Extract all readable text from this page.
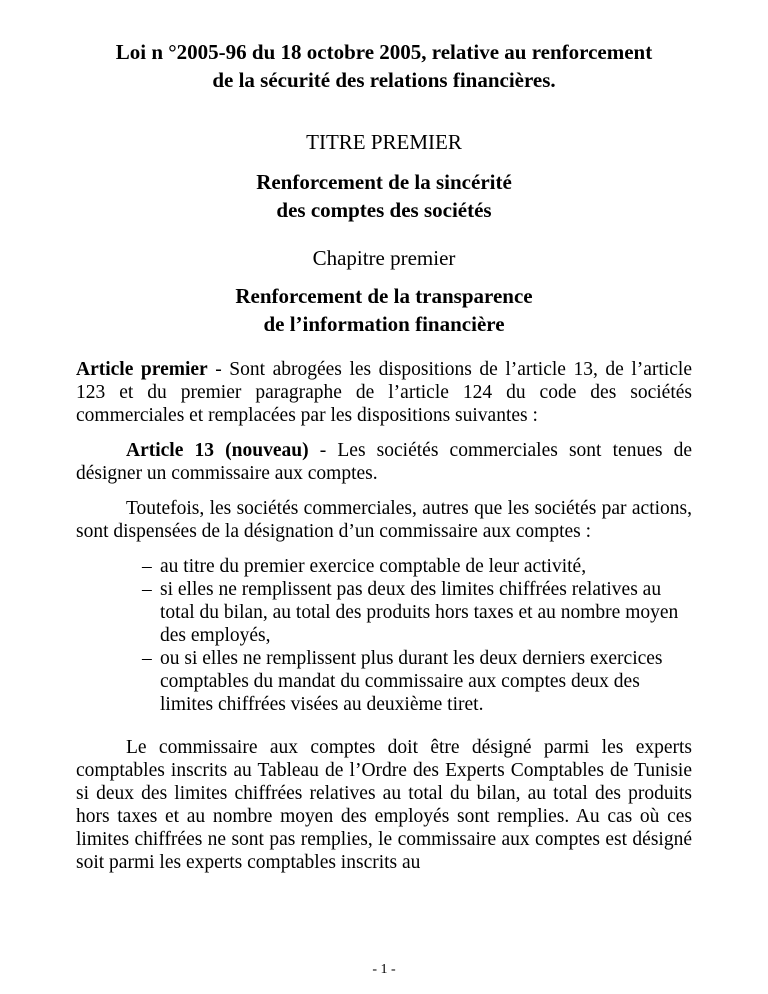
Loi n °2005-96 du 18 octobre 2005, relative au renforcement
de la sécurité des relations financières.
TITRE PREMIER
Renforcement de la sincérité
des comptes des sociétés
Chapitre premier
Renforcement de la transparence
de l’information financière

Article premier - Sont abrogées les dispositions de l’article 13, de l’article 123 et du premier paragraphe de l’article 124 du code des sociétés commerciales et remplacées par les dispositions suivantes :

Article 13 (nouveau) - Les sociétés commerciales sont tenues de désigner un commissaire aux comptes.

Toutefois, les sociétés commerciales, autres que les sociétés par actions, sont dispensées de la désignation d’un commissaire aux comptes :

– au titre du premier exercice comptable de leur activité,
– si elles ne remplissent pas deux des limites chiffrées relatives au total du bilan, au total des produits hors taxes et au nombre moyen des employés,
– ou si elles ne remplissent plus durant les deux derniers exercices comptables du mandat du commissaire aux comptes deux des limites chiffrées visées au deuxième tiret.

Le commissaire aux comptes doit être désigné parmi les experts comptables inscrits au Tableau de l’Ordre des Experts Comptables de Tunisie si deux des limites chiffrées relatives au total du bilan, au total des produits hors taxes et au nombre moyen des employés sont remplies. Au cas où ces limites chiffrées ne sont pas remplies, le commissaire aux comptes est désigné soit parmi les experts comptables inscrits au

- 1 -
